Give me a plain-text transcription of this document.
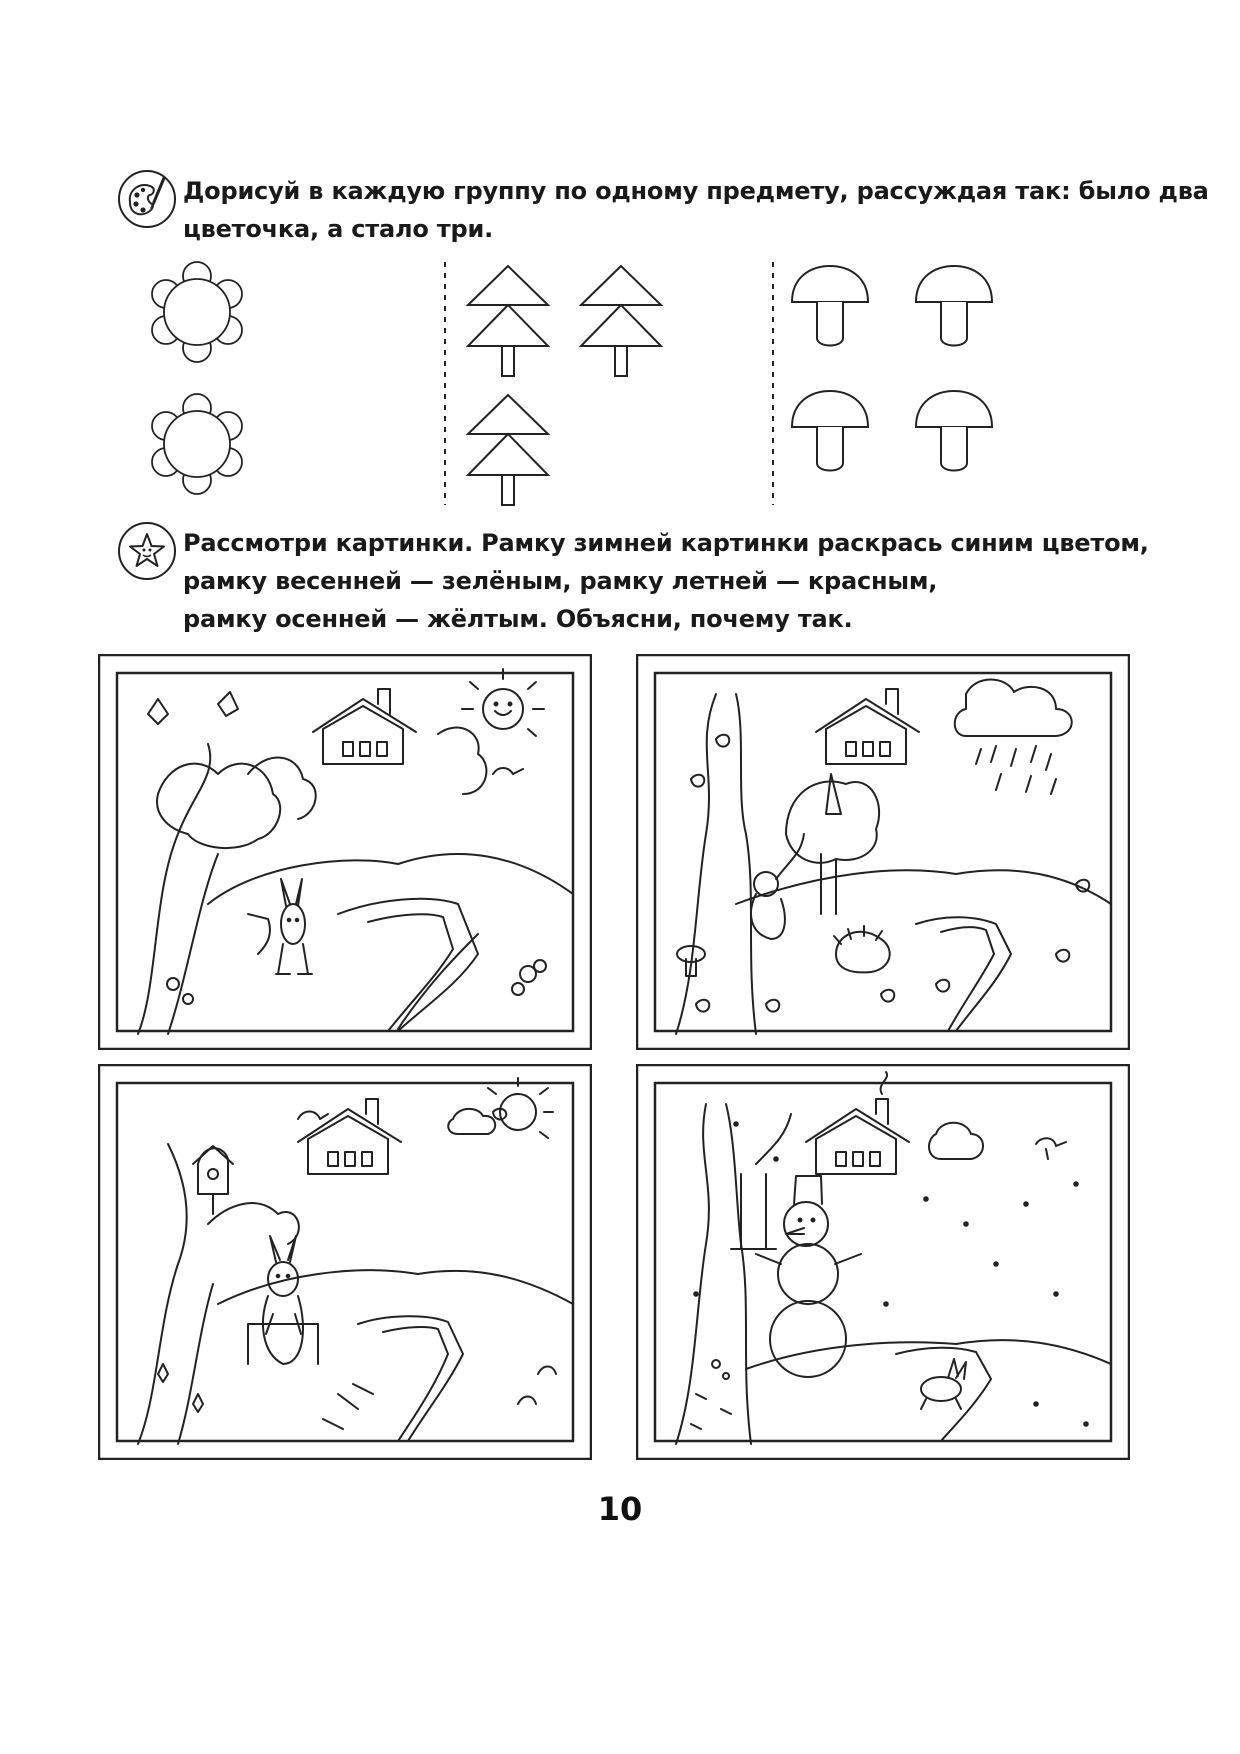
Дорисуй в каждую группу по одному предмету, рассуждая так: было два
цветочка, а стало три.
Рассмотри картинки. Рамку зимней картинки раскрась синим цветом,
рамку весенней — зелёным, рамку летней — красным,
рамку осенней — жёлтым. Объясни, почему так.
10
